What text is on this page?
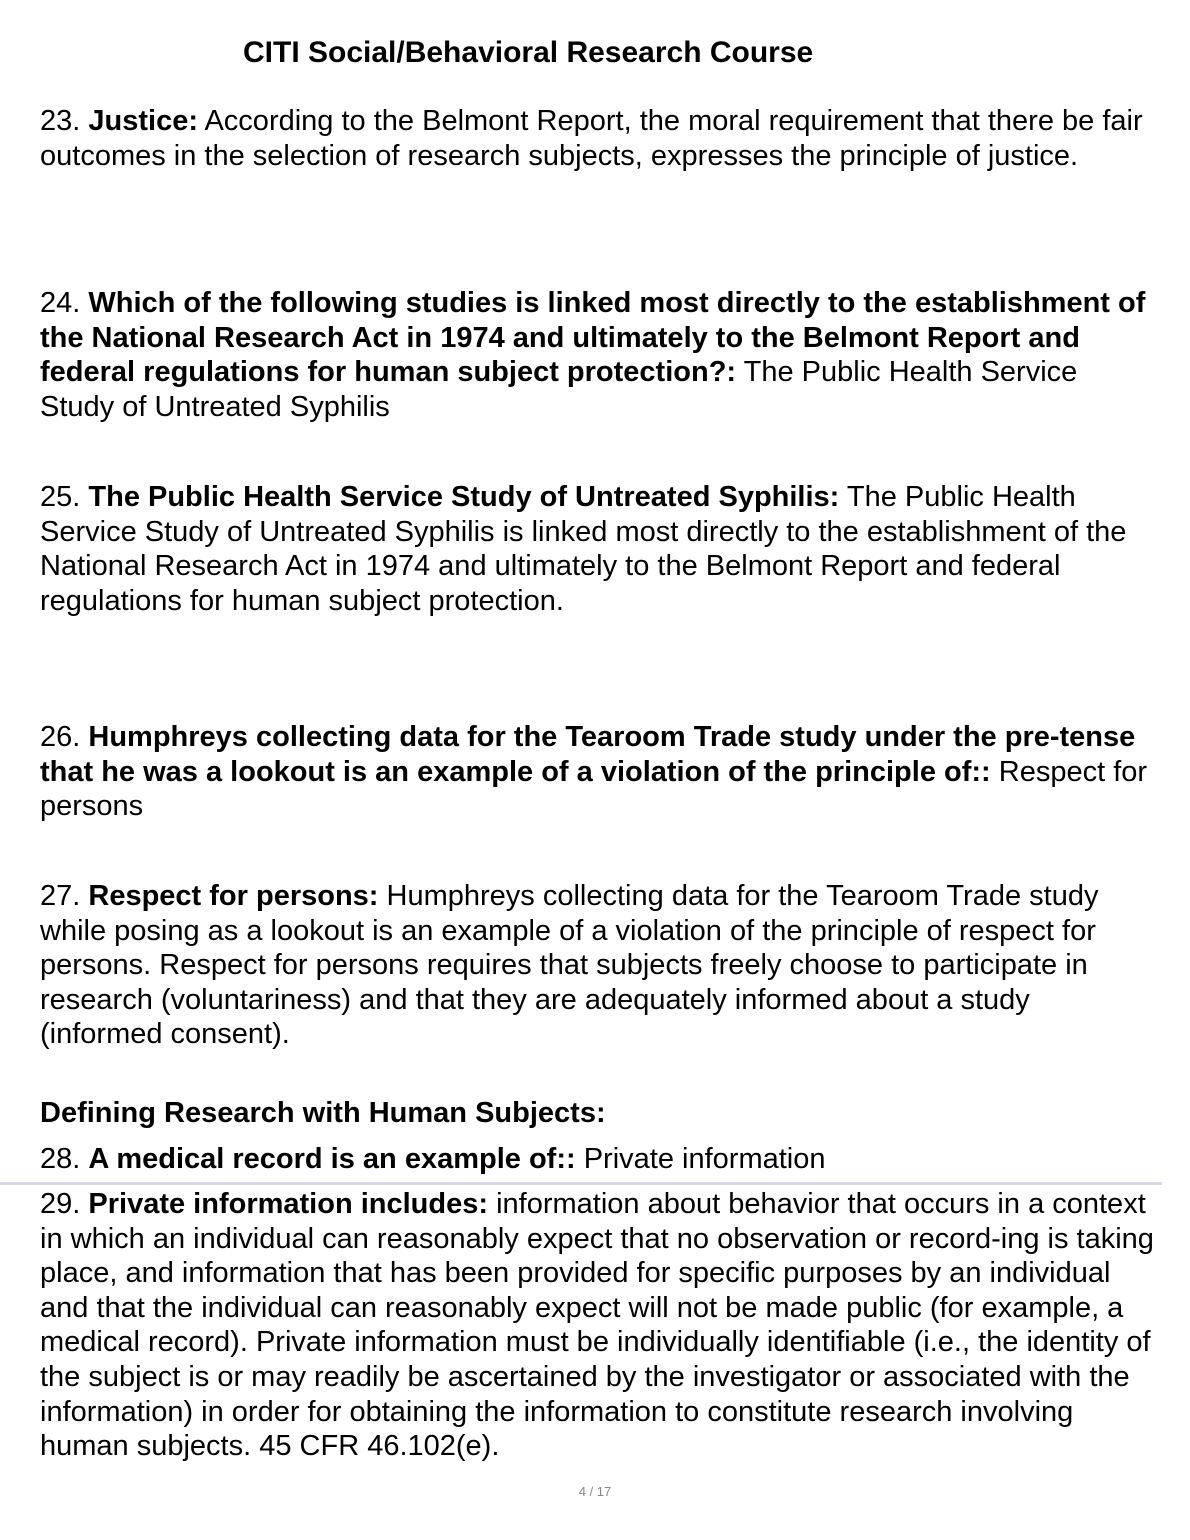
CITI Social/Behavioral Research Course
23. Justice: According to the Belmont Report, the moral requirement that there be fair outcomes in the selection of research subjects, expresses the principle of justice.
24. Which of the following studies is linked most directly to the establishment of the National Research Act in 1974 and ultimately to the Belmont Report and federal regulations for human subject protection?: The Public Health Service Study of Untreated Syphilis
25. The Public Health Service Study of Untreated Syphilis: The Public Health Service Study of Untreated Syphilis is linked most directly to the establishment of the National Research Act in 1974 and ultimately to the Belmont Report and federal regulations for human subject protection.
26. Humphreys collecting data for the Tearoom Trade study under the pre-tense that he was a lookout is an example of a violation of the principle of:: Respect for persons
27. Respect for persons: Humphreys collecting data for the Tearoom Trade study while posing as a lookout is an example of a violation of the principle of respect for persons. Respect for persons requires that subjects freely choose to participate in research (voluntariness) and that they are adequately informed about a study (informed consent).
Defining Research with Human Subjects:
28. A medical record is an example of:: Private information
29. Private information includes: information about behavior that occurs in a context in which an individual can reasonably expect that no observation or record-ing is taking place, and information that has been provided for specific purposes by an individual and that the individual can reasonably expect will not be made public (for example, a medical record). Private information must be individually identifiable (i.e., the identity of the subject is or may readily be ascertained by the investigator or associated with the information) in order for obtaining the information to constitute research involving human subjects. 45 CFR 46.102(e).
4 / 17
